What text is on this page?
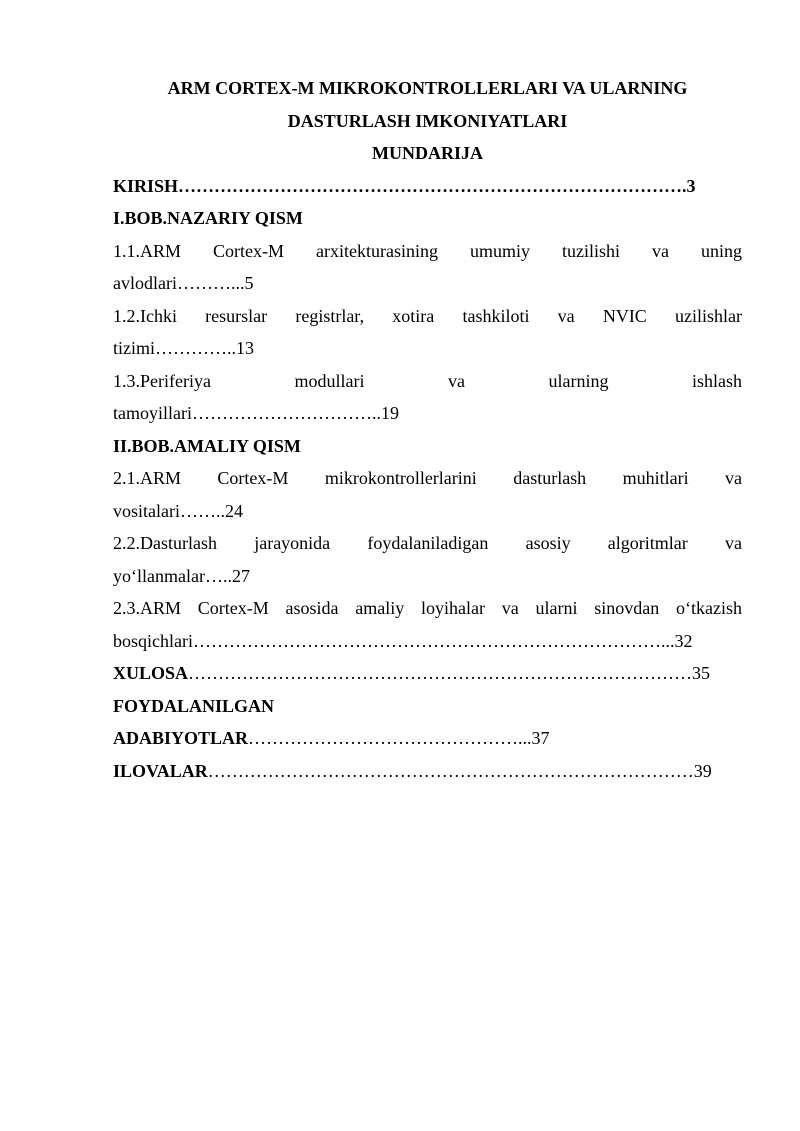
ARM CORTEX-M MIKROKONTROLLERLARI VA ULARNING
DASTURLASH IMKONIYATLARI
MUNDARIJA
KIRISH………………………………………………………………………….3
I.BOB.NAZARIY QISM
1.1.ARM Cortex-M arxitekturasining umumiy tuzilishi va uning
avlodlari………...5
1.2.Ichki resurslar registrlar, xotira tashkiloti va NVIC uzilishlar
tizimi…………..13
1.3.Periferiya modullari va ularning ishlash
tamoyillari…………………………..19
II.BOB.AMALIY QISM
2.1.ARM Cortex-M mikrokontrollerlarini dasturlash muhitlari va
vositalari……..24
2.2.Dasturlash jarayonida foydalaniladigan asosiy algoritmlar va
yo‘llanmalar…..27
2.3.ARM Cortex-M asosida amaliy loyihalar va ularni sinovdan o‘tkazish
bosqichlari……………………………………………………………………...32
XULOSA…………………………………………………………………………35
FOYDALANILGAN
ADABIYOTLAR………………………………………...37
ILOVALAR………………………………………………………………………39
